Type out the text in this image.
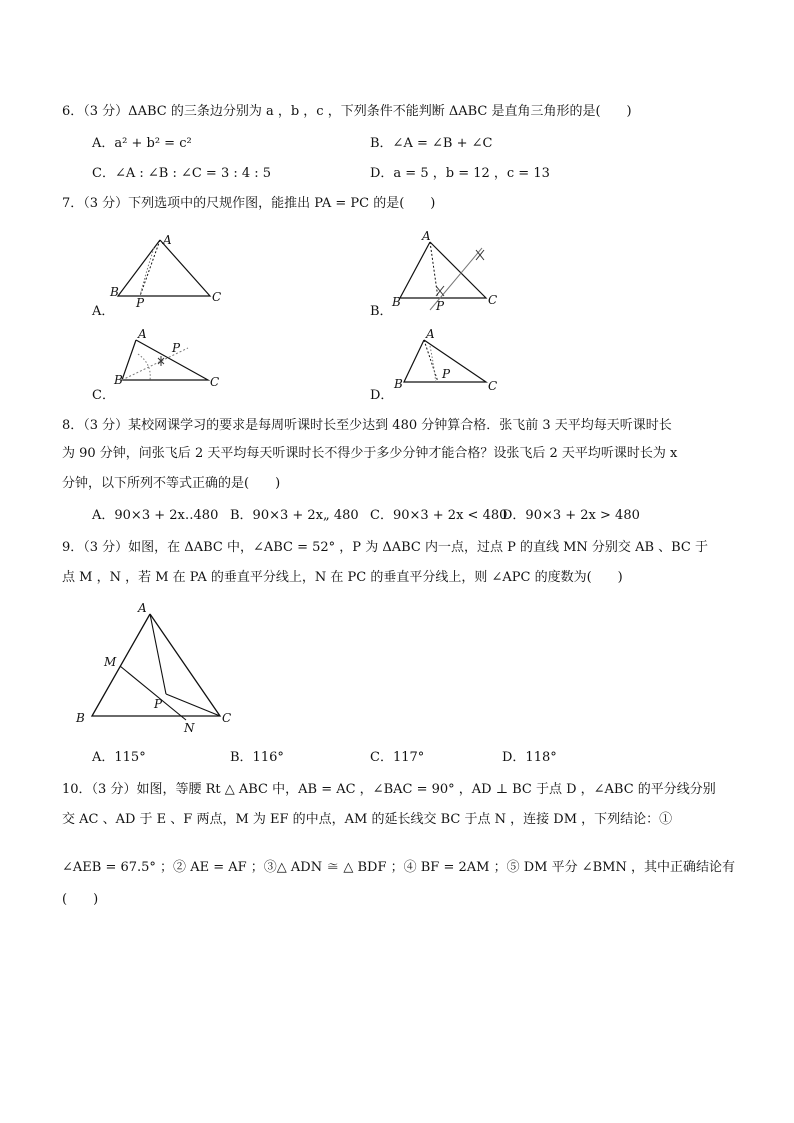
6．（3 分）ΔABC 的三条边分别为 a ，b ，c ，下列条件不能判断 ΔABC 是直角三角形的是(　　)
A．a² + b² = c²	B．∠A = ∠B + ∠C
C．∠A : ∠B : ∠C = 3 : 4 : 5	D．a = 5 ，b = 12 ，c = 13
7．（3 分）下列选项中的尺规作图，能推出 PA = PC 的是(　　)
A．
A
B	C
P
B．
A
B	C
P
C．
A
B	C
P
D．
A
B	C
P
8．（3 分）某校网课学习的要求是每周听课时长至少达到 480 分钟算合格．张飞前 3 天平均每天听课时长
为 90 分钟，问张飞后 2 天平均每天听课时长不得少于多少分钟才能合格？设张飞后 2 天平均听课时长为 x
分钟，以下所列不等式正确的是(　　)
A．90×3 + 2x‥480 B．90×3 + 2x„ 480 C．90×3 + 2x < 480
D．90×3 + 2x > 480
9．（3 分）如图，在 ΔABC 中，∠ABC = 52° ，P 为 ΔABC 内一点，过点 P 的直线 MN 分别交 AB 、BC 于
点 M ，N ，若 M 在 PA 的垂直平分线上，N 在 PC 的垂直平分线上，则 ∠APC 的度数为(　　)
A
B	C
M
N
P
A．115°	B．116°	C．117°	D．118°
10．（3 分）如图，等腰 Rt △ ABC 中，AB = AC ，∠BAC = 90° ，AD ⊥ BC 于点 D ，∠ABC 的平分线分别
交 AC 、AD 于 E 、F 两点，M 为 EF 的中点，AM 的延长线交 BC 于点 N ，连接 DM ，下列结论：①
∠AEB = 67.5° ；② AE = AF ；③△ ADN ≅ △ BDF ；④ BF = 2AM ；⑤ DM 平分 ∠BMN ，其中正确结论有
(　　)
